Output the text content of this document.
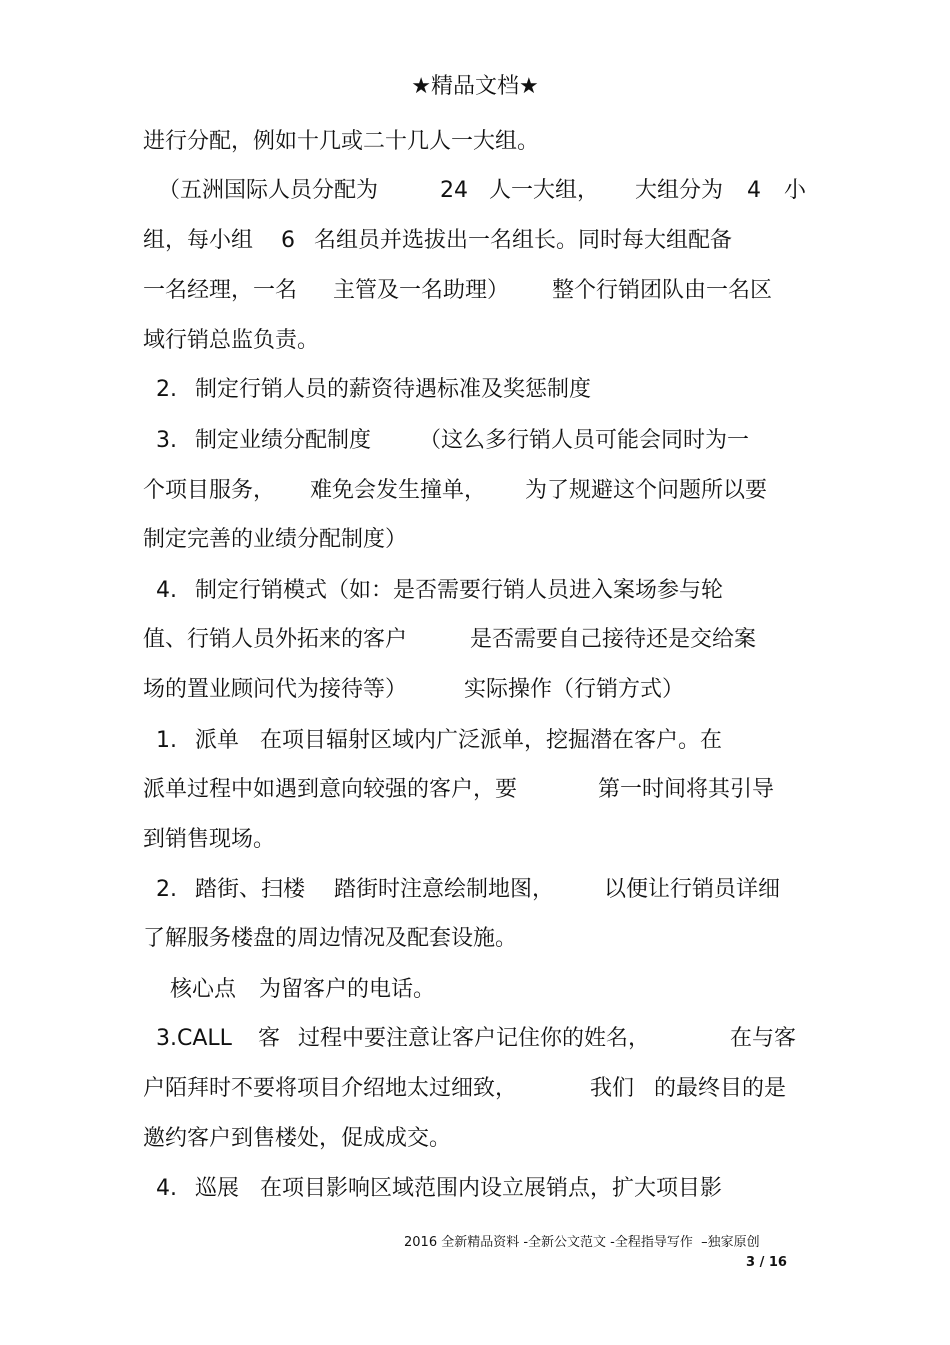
★精品文档★
进行分配，例如十几或二十几人一大组。
（五洲国际人员分配为	24 人一大组， 大组分为 4 小
组，每小组 6 名组员并选拔出一名组长。同时每大组配备
一名经理，一名 主管及一名助理） 整个行销团队由一名区
域行销总监负责。
2. 制定行销人员的薪资待遇标准及奖惩制度
3. 制定业绩分配制度 （这么多行销人员可能会同时为一
个项目服务， 难免会发生撞单， 为了规避这个问题所以要
制定完善的业绩分配制度）
4. 制定行销模式（如：是否需要行销人员进入案场参与轮
值、行销人员外拓来的客户	是否需要自己接待还是交给案
场的置业顾问代为接待等）	实际操作（行销方式）
1. 派单 在项目辐射区域内广泛派单，挖掘潜在客户。在
派单过程中如遇到意向较强的客户，要	第一时间将其引导
到销售现场。
2. 踏街、扫楼 踏街时注意绘制地图， 以便让行销员详细
了解服务楼盘的周边情况及配套设施。
核心点 为留客户的电话。
3.CALL 客 过程中要注意让客户记住你的姓名，	在与客
户陌拜时不要将项目介绍地太过细致，	我们 的最终目的是
邀约客户到售楼处，促成成交。
4. 巡展 在项目影响区域范围内设立展销点，扩大项目影
2016 全新精品资料 -全新公文范文 -全程指导写作  –独家原创
3 / 16
